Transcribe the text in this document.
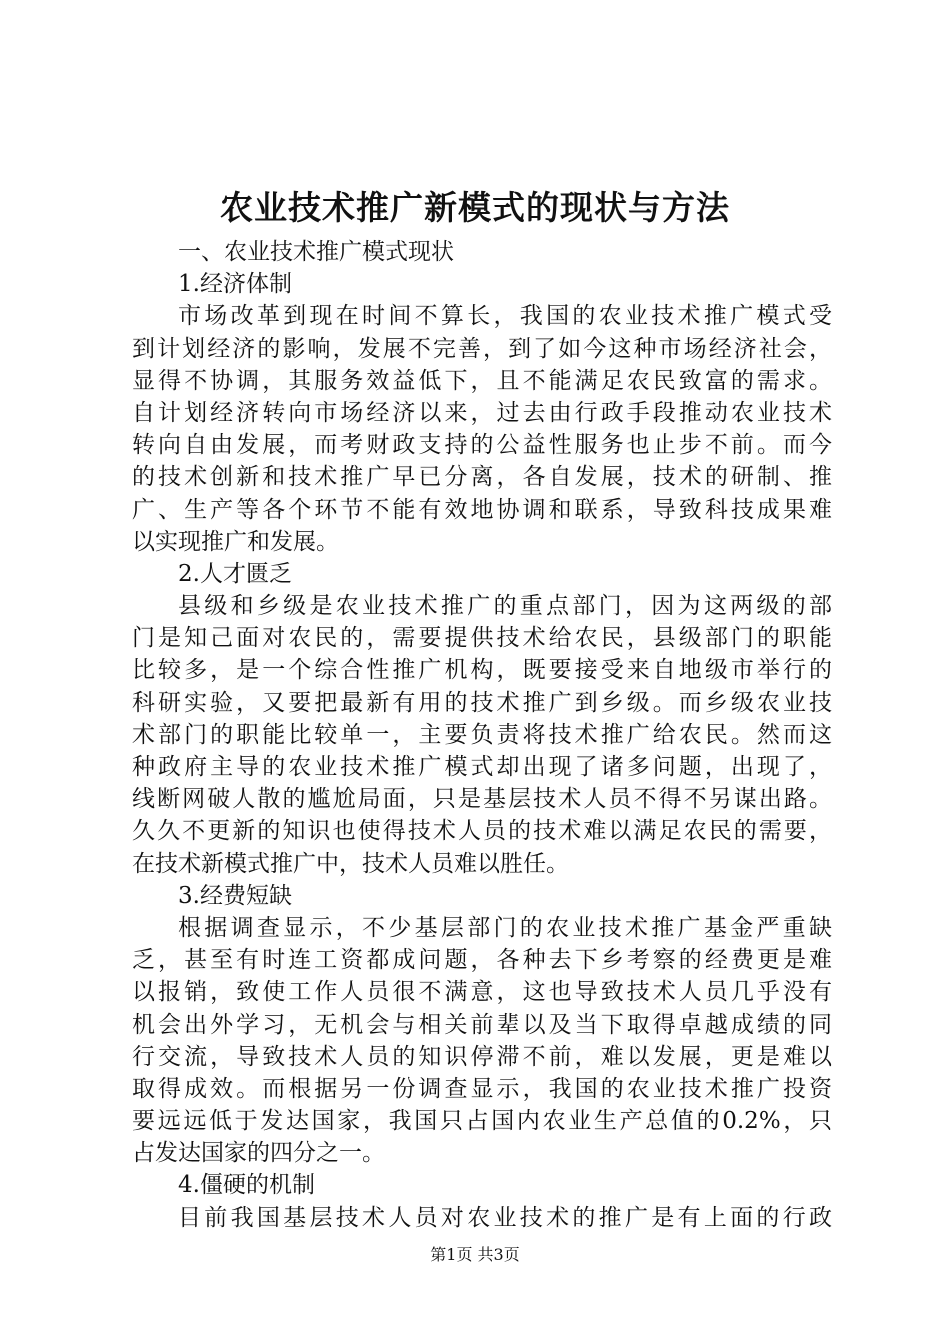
农业技术推广新模式的现状与方法
一、农业技术推广模式现状
1.经济体制
市场改革到现在时间不算长，我国的农业技术推广模式受
到计划经济的影响，发展不完善，到了如今这种市场经济社会，
显得不协调，其服务效益低下，且不能满足农民致富的需求。
自计划经济转向市场经济以来，过去由行政手段推动农业技术
转向自由发展，而考财政支持的公益性服务也止步不前。而今
的技术创新和技术推广早已分离，各自发展，技术的研制、推
广、生产等各个环节不能有效地协调和联系，导致科技成果难
以实现推广和发展。
2.人才匮乏
县级和乡级是农业技术推广的重点部门，因为这两级的部
门是知己面对农民的，需要提供技术给农民，县级部门的职能
比较多，是一个综合性推广机构，既要接受来自地级市举行的
科研实验，又要把最新有用的技术推广到乡级。而乡级农业技
术部门的职能比较单一，主要负责将技术推广给农民。然而这
种政府主导的农业技术推广模式却出现了诸多问题，出现了，
线断网破人散的尴尬局面，只是基层技术人员不得不另谋出路。
久久不更新的知识也使得技术人员的技术难以满足农民的需要，
在技术新模式推广中，技术人员难以胜任。
3.经费短缺
根据调查显示，不少基层部门的农业技术推广基金严重缺
乏，甚至有时连工资都成问题，各种去下乡考察的经费更是难
以报销，致使工作人员很不满意，这也导致技术人员几乎没有
机会出外学习，无机会与相关前辈以及当下取得卓越成绩的同
行交流，导致技术人员的知识停滞不前，难以发展，更是难以
取得成效。而根据另一份调查显示，我国的农业技术推广投资
要远远低于发达国家，我国只占国内农业生产总值的0.2%，只
占发达国家的四分之一。
4.僵硬的机制
目前我国基层技术人员对农业技术的推广是有上面的行政
第1页 共3页
